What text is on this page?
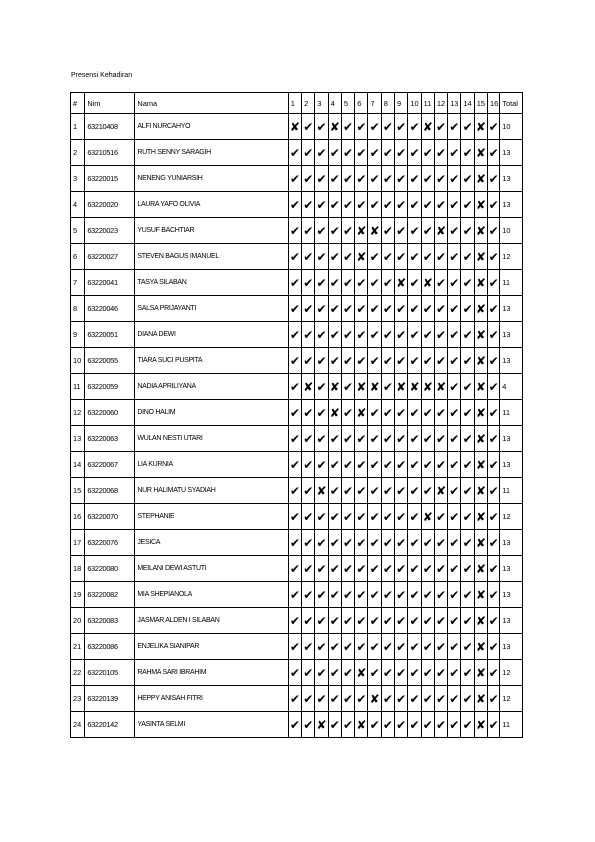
Presensi Kehadiran
#	Nim	Nama	1	2	3	4	5	6	7	8	9	10	11	12	13	14	15	16	Total
1	63210408	ALFI NURCAHYO	✘	✔	✔	✘	✔	✔	✔	✔	✔	✔	✘	✔	✔	✔	✘	✔	10
2	63210516	RUTH SENNY SARAGIH	✔	✔	✔	✔	✔	✔	✔	✔	✔	✔	✔	✔	✔	✔	✘	✔	13
3	63220015	NENENG YUNIARSIH	✔	✔	✔	✔	✔	✔	✔	✔	✔	✔	✔	✔	✔	✔	✘	✔	13
4	63220020	LAURA YAFO OLIVIA	✔	✔	✔	✔	✔	✔	✔	✔	✔	✔	✔	✔	✔	✔	✘	✔	13
5	63220023	YUSUF BACHTIAR	✔	✔	✔	✔	✔	✘	✘	✔	✔	✔	✔	✘	✔	✔	✘	✔	10
6	63220027	STEVEN BAGUS IMANUEL	✔	✔	✔	✔	✔	✘	✔	✔	✔	✔	✔	✔	✔	✔	✘	✔	12
7	63220041	TASYA SILABAN	✔	✔	✔	✔	✔	✔	✔	✔	✘	✔	✘	✔	✔	✔	✘	✔	11
8	63220046	SALSA PRIJAYANTI	✔	✔	✔	✔	✔	✔	✔	✔	✔	✔	✔	✔	✔	✔	✘	✔	13
9	63220051	DIANA DEWI	✔	✔	✔	✔	✔	✔	✔	✔	✔	✔	✔	✔	✔	✔	✘	✔	13
10	63220055	TIARA SUCI PUSPITA	✔	✔	✔	✔	✔	✔	✔	✔	✔	✔	✔	✔	✔	✔	✘	✔	13
11	63220059	NADIA APRILIYANA	✔	✘	✔	✘	✔	✘	✘	✔	✘	✘	✘	✘	✔	✔	✘	✔	4
12	63220060	DINO HALIM	✔	✔	✔	✘	✔	✘	✔	✔	✔	✔	✔	✔	✔	✔	✘	✔	11
13	63220063	WULAN NESTI UTARI	✔	✔	✔	✔	✔	✔	✔	✔	✔	✔	✔	✔	✔	✔	✘	✔	13
14	63220067	LIA KURNIA	✔	✔	✔	✔	✔	✔	✔	✔	✔	✔	✔	✔	✔	✔	✘	✔	13
15	63220068	NUR HALIMATU SYADIAH	✔	✔	✘	✔	✔	✔	✔	✔	✔	✔	✔	✘	✔	✔	✘	✔	11
16	63220070	STEPHANIE	✔	✔	✔	✔	✔	✔	✔	✔	✔	✔	✘	✔	✔	✔	✘	✔	12
17	63220076	JESICA	✔	✔	✔	✔	✔	✔	✔	✔	✔	✔	✔	✔	✔	✔	✘	✔	13
18	63220080	MEILANI DEWI ASTUTI	✔	✔	✔	✔	✔	✔	✔	✔	✔	✔	✔	✔	✔	✔	✘	✔	13
19	63220082	MIA SHEPIANOLA	✔	✔	✔	✔	✔	✔	✔	✔	✔	✔	✔	✔	✔	✔	✘	✔	13
20	63220083	JASMAR ALDEN I SILABAN	✔	✔	✔	✔	✔	✔	✔	✔	✔	✔	✔	✔	✔	✔	✘	✔	13
21	63220086	ENJELIKA SIANIPAR	✔	✔	✔	✔	✔	✔	✔	✔	✔	✔	✔	✔	✔	✔	✘	✔	13
22	63220105	RAHMA SARI IBRAHIM	✔	✔	✔	✔	✔	✘	✔	✔	✔	✔	✔	✔	✔	✔	✘	✔	12
23	63220139	HEPPY ANISAH FITRI	✔	✔	✔	✔	✔	✔	✘	✔	✔	✔	✔	✔	✔	✔	✘	✔	12
24	63220142	YASINTA SELMI	✔	✔	✘	✔	✔	✘	✔	✔	✔	✔	✔	✔	✔	✔	✘	✔	11
